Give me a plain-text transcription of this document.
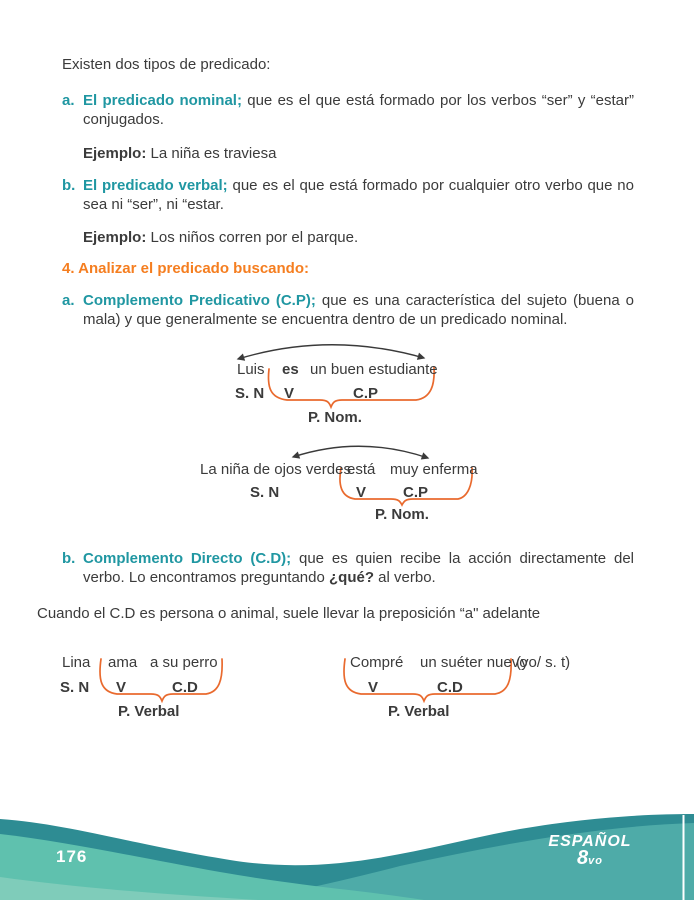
Existen dos tipos de predicado:
a. El predicado nominal; que es el que está formado por los verbos “ser” y “estar” conjugados.
Ejemplo: La niña es traviesa
b. El predicado verbal; que es el que está formado por cualquier otro verbo que no sea ni “ser”, ni “estar.
Ejemplo: Los niños corren por el parque.
4. Analizar el predicado buscando:
a. Complemento Predicativo (C.P); que es una característica del sujeto (buena o mala) y que generalmente se encuentra dentro de un predicado nominal.
Luis es un buen estudiante
S. N V	C.P
P. Nom.
La niña de ojos verdes
está muy enferma
S. N	V C.P
P. Nom.
b. Complemento Directo (C.D); que es quien recibe la acción directamente del verbo. Lo encontramos preguntando ¿qué? al verbo.
Cuando el C.D es persona o animal, suele llevar la preposición “a" adelante
Lina ama a su perro
S. N V	C.D
P. Verbal
Compré un suéter nuevo
(yo/ s. t)
V	C.D
P. Verbal
176
ESPAÑOL
8vo
